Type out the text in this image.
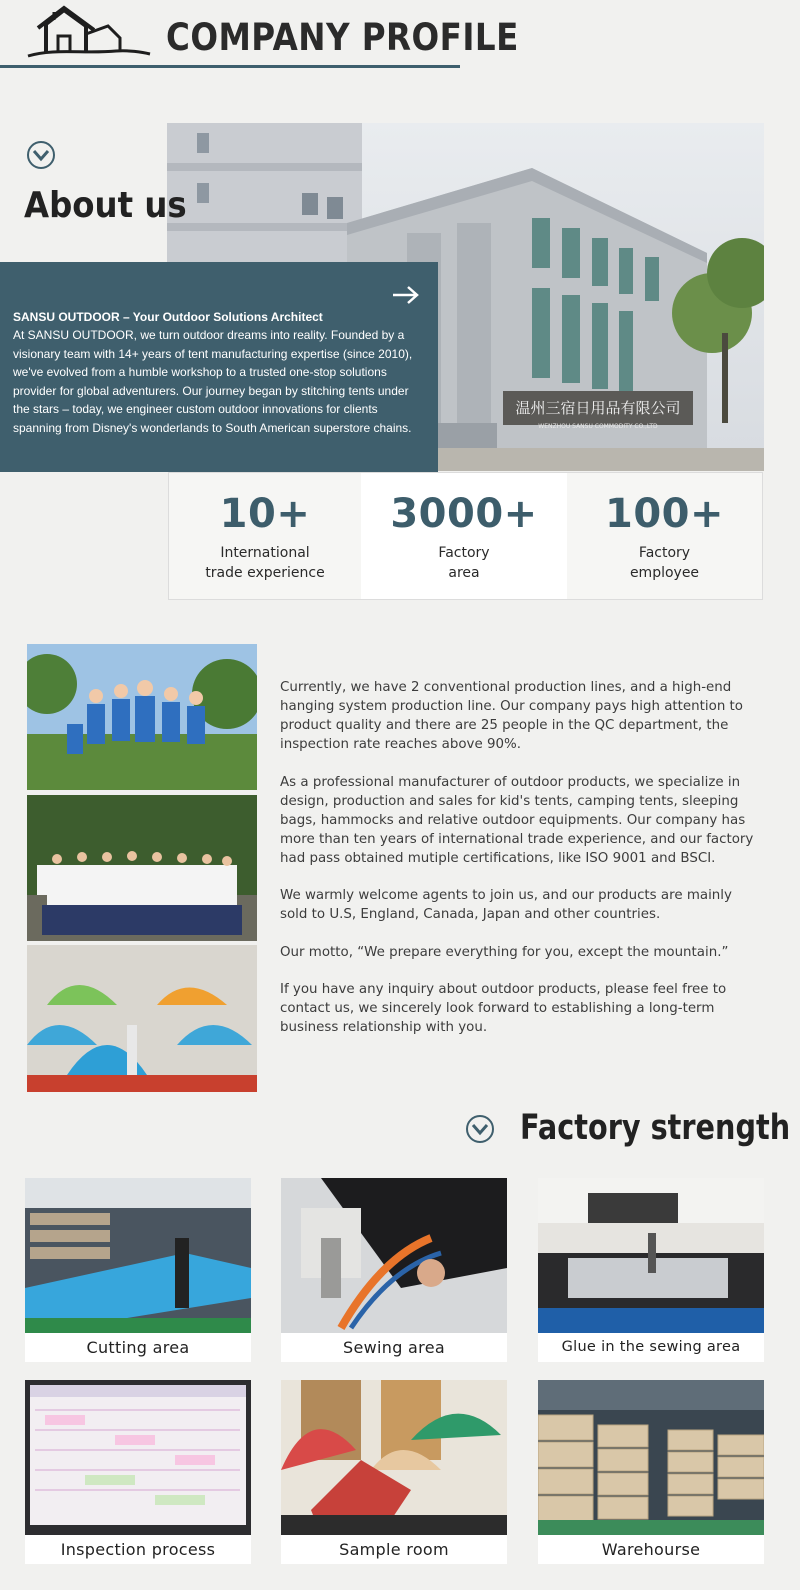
COMPANY PROFILE
温州三宿日用品有限公司
WENZHOU SANSU COMMODITY CO.,LTD
About us
SANSU OUTDOOR – Your Outdoor Solutions Architect
At SANSU OUTDOOR, we turn outdoor dreams into reality. Founded by a visionary team with 14+ years of tent manufacturing expertise (since 2010), we've evolved from a humble workshop to a trusted one-stop solutions provider for global adventurers. Our journey began by stitching tents under the stars – today, we engineer custom outdoor innovations for clients spanning from Disney's wonderlands to South American superstore chains.
10+
International
trade experience
3000+
Factory
area
100+
Factory
employee

Currently, we have 2 conventional production lines, and a high-end hanging system production line. Our company pays high attention to product quality and there are 25 people in the QC department, the inspection rate reaches above 90%.

As a professional manufacturer of outdoor products, we specialize in design, production and sales for kid's tents, camping tents, sleeping bags, hammocks and relative outdoor equipments. Our company has more than ten years of international trade experience, and our factory had pass obtained mutiple certifications, like ISO 9001 and BSCI.

We warmly welcome agents to join us, and our products are mainly sold to U.S, England, Canada, Japan and other countries.

Our motto, “We prepare everything for you, except the mountain.”

If you have any inquiry about outdoor products, please feel free to contact us, we sincerely look forward to establishing a long-term business relationship with you.

Factory strength
Cutting area	Sewing area	Glue in the sewing area
Inspection process	Sample room	Warehourse
